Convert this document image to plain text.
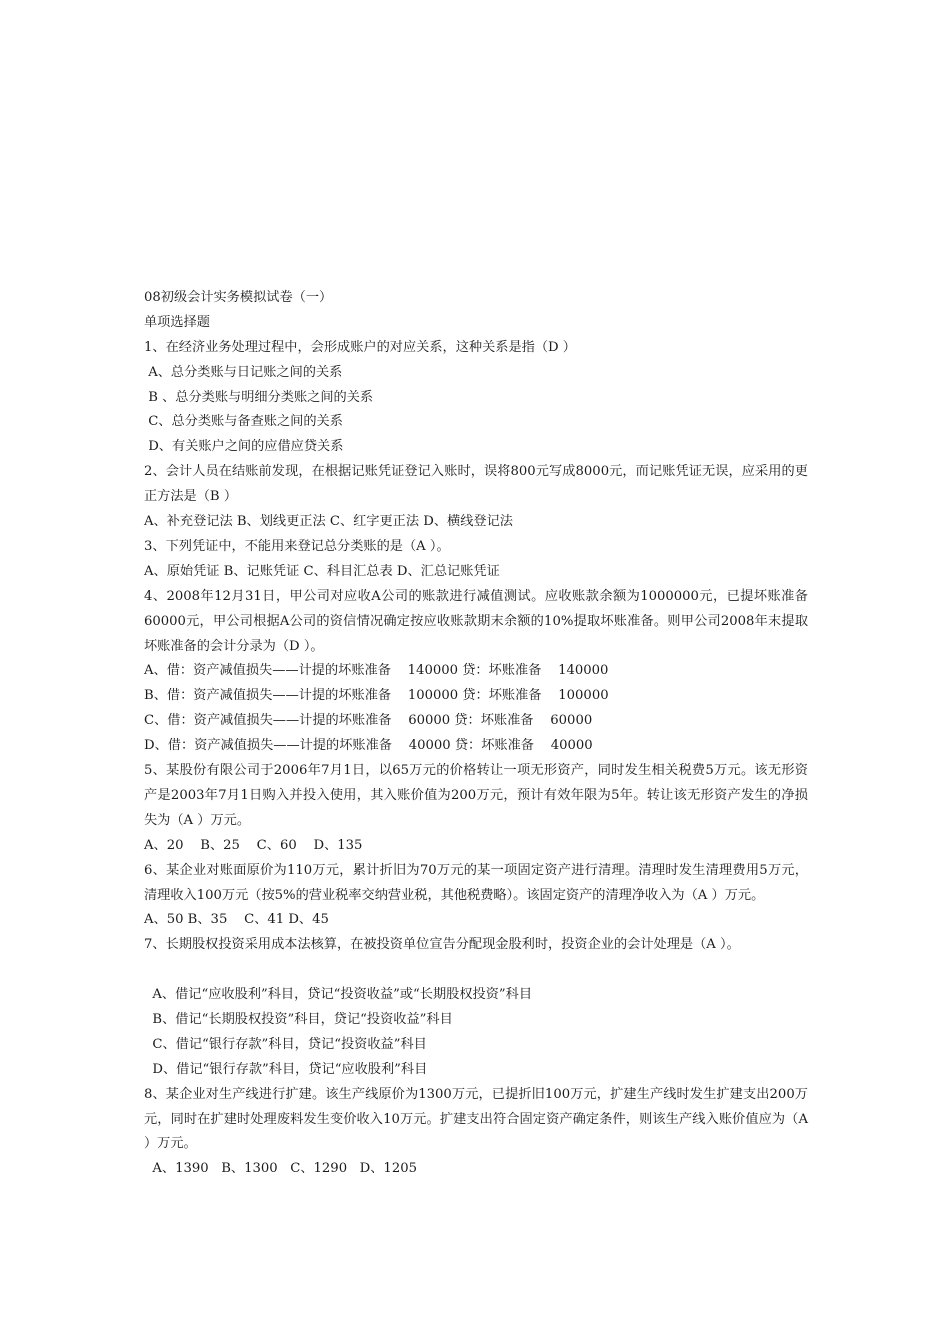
08初级会计实务模拟试卷（一）
单项选择题
1、在经济业务处理过程中，会形成账户的对应关系，这种关系是指（D ）
A、总分类账与日记账之间的关系
B 、总分类账与明细分类账之间的关系
C、总分类账与备查账之间的关系
D、有关账户之间的应借应贷关系
2、会计人员在结账前发现，在根据记账凭证登记入账时，误将800元写成8000元，而记账凭证无误，应采用的更正方法是（B ）
A、补充登记法 B、划线更正法 C、红字更正法 D、横线登记法
3、下列凭证中，不能用来登记总分类账的是（A ）。
A、原始凭证 B、记账凭证 C、科目汇总表 D、汇总记账凭证
4、2008年12月31日，甲公司对应收A公司的账款进行减值测试。应收账款余额为1000000元，已提坏账准备60000元，甲公司根据A公司的资信情况确定按应收账款期末余额的10%提取坏账准备。则甲公司2008年末提取坏账准备的会计分录为（D ）。
A、借：资产减值损失——计提的坏账准备    140000 贷：坏账准备    140000
B、借：资产减值损失——计提的坏账准备    100000 贷：坏账准备    100000
C、借：资产减值损失——计提的坏账准备    60000 贷：坏账准备    60000
D、借：资产减值损失——计提的坏账准备    40000 贷：坏账准备    40000
5、某股份有限公司于2006年7月1日，以65万元的价格转让一项无形资产，同时发生相关税费5万元。该无形资产是2003年7月1日购入并投入使用，其入账价值为200万元，预计有效年限为5年。转让该无形资产发生的净损失为（A ）万元。
A、20    B、25    C、60    D、135
6、某企业对账面原价为110万元，累计折旧为70万元的某一项固定资产进行清理。清理时发生清理费用5万元，清理收入100万元（按5%的营业税率交纳营业税，其他税费略）。该固定资产的清理净收入为（A ）万元。
A、50 B、35    C、41 D、45
7、长期股权投资采用成本法核算，在被投资单位宣告分配现金股利时，投资企业的会计处理是（A ）。
A、借记“应收股利”科目，贷记“投资收益”或“长期股权投资”科目
B、借记“长期股权投资”科目，贷记“投资收益”科目
C、借记“银行存款”科目，贷记“投资收益”科目
D、借记“银行存款”科目，贷记“应收股利”科目
8、某企业对生产线进行扩建。该生产线原价为1300万元，已提折旧100万元，扩建生产线时发生扩建支出200万元，同时在扩建时处理废料发生变价收入10万元。扩建支出符合固定资产确定条件，则该生产线入账价值应为（A ）万元。
A、1390   B、1300   C、1290   D、1205
